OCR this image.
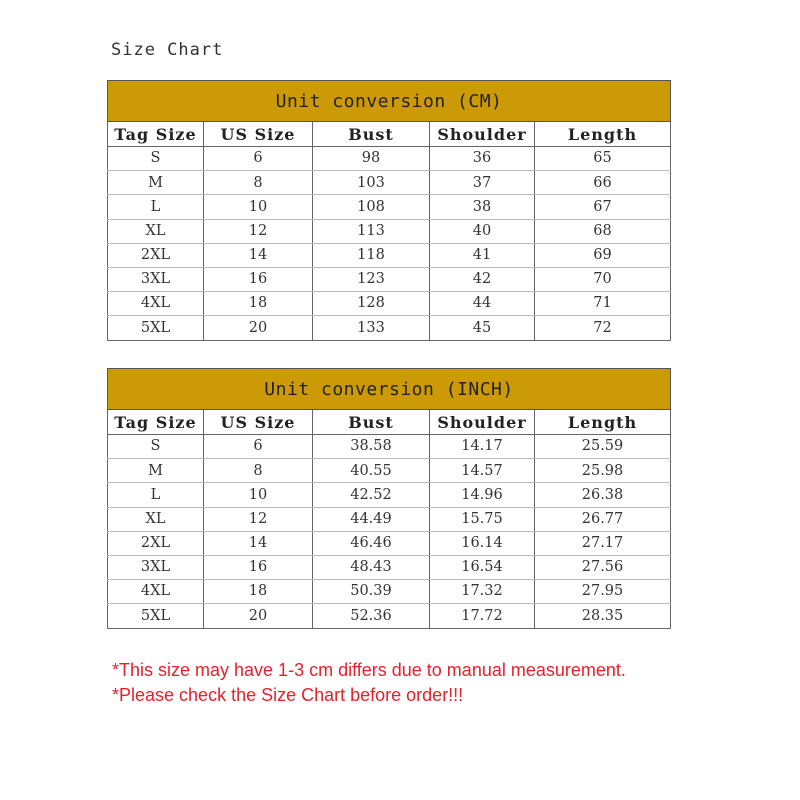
Size Chart
Unit conversion (CM)				
Tag Size	US Size	Bust	Shoulder	Length
S	6	98	36	65
M	8	103	37	66
L	10	108	38	67
XL	12	113	40	68
2XL	14	118	41	69
3XL	16	123	42	70
4XL	18	128	44	71
5XL	20	133	45	72
Unit conversion (INCH)				
Tag Size	US Size	Bust	Shoulder	Length
S	6	38.58	14.17	25.59
M	8	40.55	14.57	25.98
L	10	42.52	14.96	26.38
XL	12	44.49	15.75	26.77
2XL	14	46.46	16.14	27.17
3XL	16	48.43	16.54	27.56
4XL	18	50.39	17.32	27.95
5XL	20	52.36	17.72	28.35
*This size may have 1-3 cm differs due to manual measurement.
*Please check the Size Chart before order!!!
